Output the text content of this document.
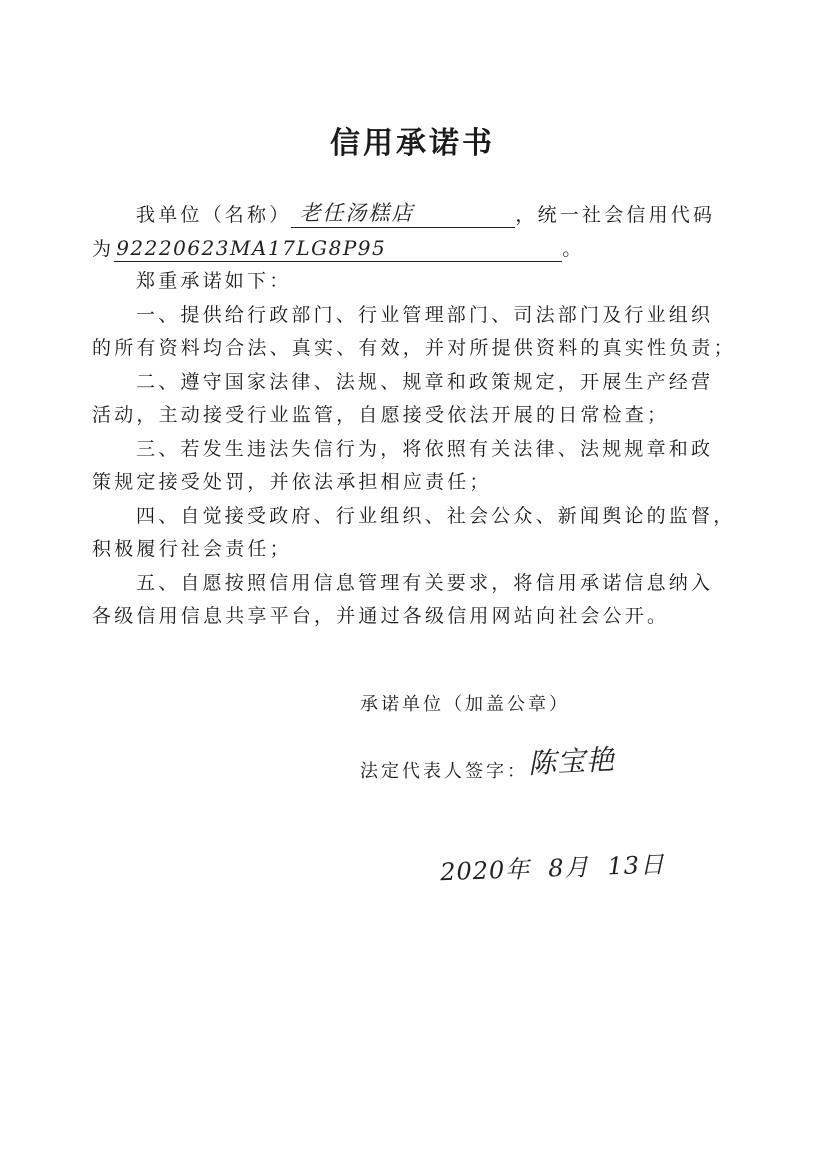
信用承诺书
我单位（名称） 老任汤糕店	，统一社会信用代码
为 92220623MA17LG8P95	。
郑重承诺如下：
一、提供给行政部门、行业管理部门、司法部门及行业组织
的所有资料均合法、真实、有效，并对所提供资料的真实性负责；
二、遵守国家法律、法规、规章和政策规定，开展生产经营
活动，主动接受行业监管，自愿接受依法开展的日常检查；
三、若发生违法失信行为，将依照有关法律、法规规章和政
策规定接受处罚，并依法承担相应责任；
四、自觉接受政府、行业组织、社会公众、新闻舆论的监督，
积极履行社会责任；
五、自愿按照信用信息管理有关要求，将信用承诺信息纳入
各级信用信息共享平台，并通过各级信用网站向社会公开。
承诺单位（加盖公章）
法定代表人签字： 陈宝艳
2020年 8月 13日
